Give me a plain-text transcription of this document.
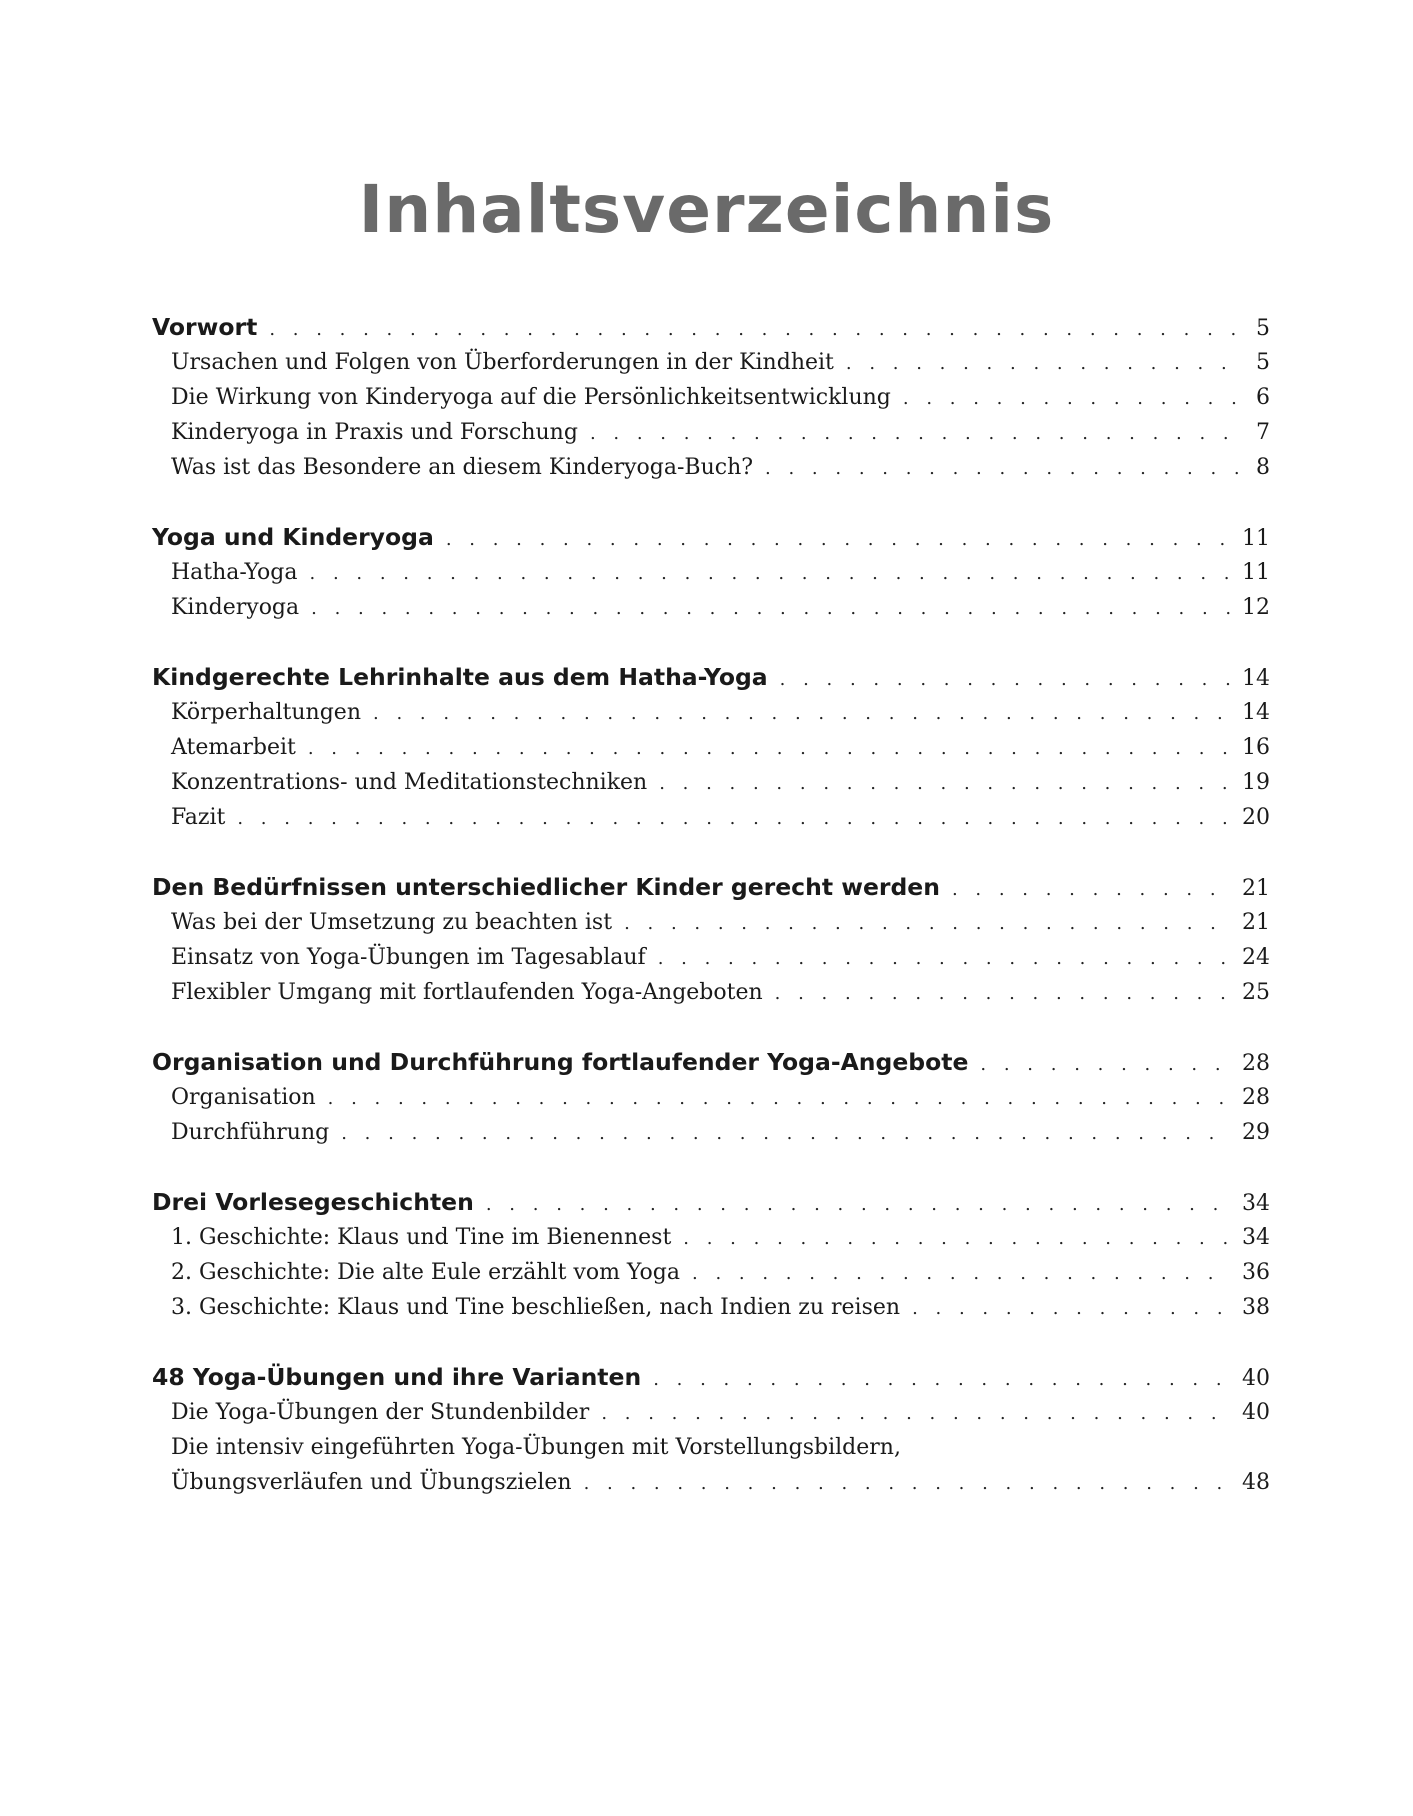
Inhaltsverzeichnis
Vorwort . . .	5
Ursachen und Folgen von Überforderungen in der Kindheit . . .	5
Die Wirkung von Kinderyoga auf die Persönlichkeitsentwicklung . . .	6
Kinderyoga in Praxis und Forschung . . .	7
Was ist das Besondere an diesem Kinderyoga-Buch? . . .	8
Yoga und Kinderyoga . . .	11
Hatha-Yoga . . .	11
Kinderyoga . . .	12
Kindgerechte Lehrinhalte aus dem Hatha-Yoga . . .	14
Körperhaltungen . . .	14
Atemarbeit . . .	16
Konzentrations- und Meditationstechniken . . .	19
Fazit . . .	20
Den Bedürfnissen unterschiedlicher Kinder gerecht werden . . .	21
Was bei der Umsetzung zu beachten ist . . .	21
Einsatz von Yoga-Übungen im Tagesablauf . . .	24
Flexibler Umgang mit fortlaufenden Yoga-Angeboten . . .	25
Organisation und Durchführung fortlaufender Yoga-Angebote . . .	28
Organisation . . .	28
Durchführung . . .	29
Drei Vorlesegeschichten . . .	34
1. Geschichte: Klaus und Tine im Bienennest . . .	34
2. Geschichte: Die alte Eule erzählt vom Yoga . . .	36
3. Geschichte: Klaus und Tine beschließen, nach Indien zu reisen . . .	38
48 Yoga-Übungen und ihre Varianten . . .	40
Die Yoga-Übungen der Stundenbilder . . .	40
Die intensiv eingeführten Yoga-Übungen mit Vorstellungsbildern,
Übungsverläufen und Übungszielen . . .	48
